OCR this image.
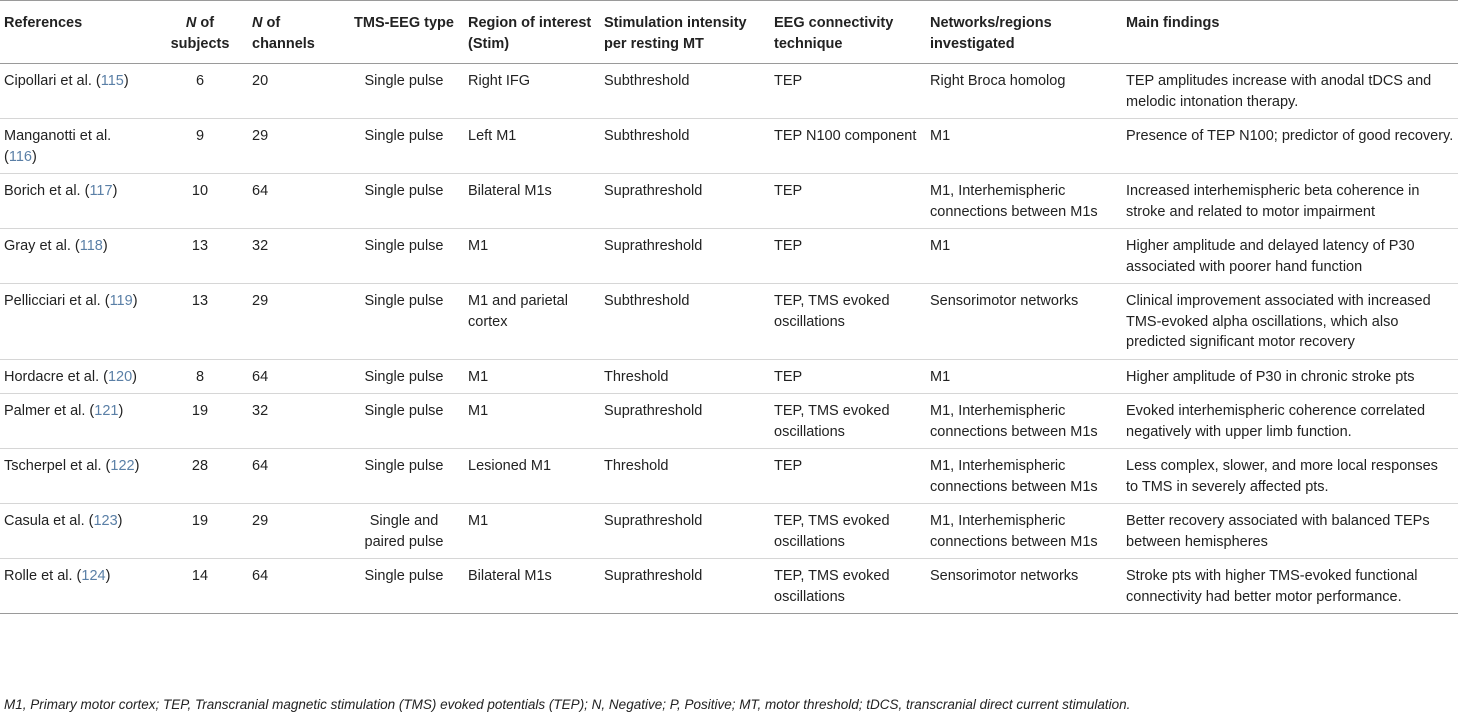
References	N of subjects	N of channels	TMS-EEG type	Region of interest (Stim)	Stimulation intensity per resting MT	EEG connectivity technique	Networks/regions investigated	Main findings
Cipollari et al. (115)	6	20	Single pulse	Right IFG	Subthreshold	TEP	Right Broca homolog	TEP amplitudes increase with anodal tDCS and melodic intonation therapy.
Manganotti et al. (116)	9	29	Single pulse	Left M1	Subthreshold	TEP N100 component	M1	Presence of TEP N100; predictor of good recovery.
Borich et al. (117)	10	64	Single pulse	Bilateral M1s	Suprathreshold	TEP	M1, Interhemispheric connections between M1s	Increased interhemispheric beta coherence in stroke and related to motor impairment
Gray et al. (118)	13	32	Single pulse	M1	Suprathreshold	TEP	M1	Higher amplitude and delayed latency of P30 associated with poorer hand function
Pellicciari et al. (119)	13	29	Single pulse	M1 and parietal cortex	Subthreshold	TEP, TMS evoked oscillations	Sensorimotor networks	Clinical improvement associated with increased TMS-evoked alpha oscillations, which also predicted significant motor recovery
Hordacre et al. (120)	8	64	Single pulse	M1	Threshold	TEP	M1	Higher amplitude of P30 in chronic stroke pts
Palmer et al. (121)	19	32	Single pulse	M1	Suprathreshold	TEP, TMS evoked oscillations	M1, Interhemispheric connections between M1s	Evoked interhemispheric coherence correlated negatively with upper limb function.
Tscherpel et al. (122)	28	64	Single pulse	Lesioned M1	Threshold	TEP	M1, Interhemispheric connections between M1s	Less complex, slower, and more local responses to TMS in severely affected pts.
Casula et al. (123)	19	29	Single and paired pulse	M1	Suprathreshold	TEP, TMS evoked oscillations	M1, Interhemispheric connections between M1s	Better recovery associated with balanced TEPs between hemispheres
Rolle et al. (124)	14	64	Single pulse	Bilateral M1s	Suprathreshold	TEP, TMS evoked oscillations	Sensorimotor networks	Stroke pts with higher TMS-evoked functional connectivity had better motor performance.
M1, Primary motor cortex; TEP, Transcranial magnetic stimulation (TMS) evoked potentials (TEP); N, Negative; P, Positive; MT, motor threshold; tDCS, transcranial direct current stimulation.
